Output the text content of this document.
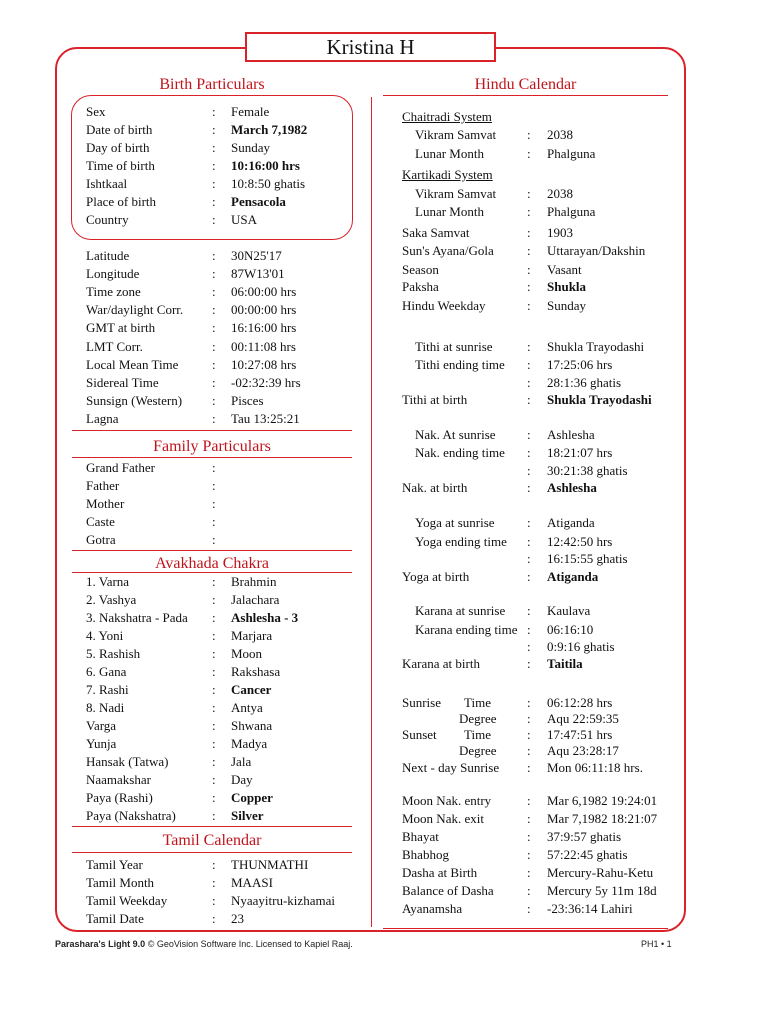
Kristina H
Birth Particulars
Sex	: Female
Date of birth	: March 7,1982
Day of birth	: Sunday
Time of birth	: 10:16:00 hrs
Ishtkaal	: 10:8:50 ghatis
Place of birth	: Pensacola
Country	: USA
Latitude	: 30N25'17
Longitude	: 87W13'01
Time zone	: 06:00:00 hrs
War/daylight Corr. : 00:00:00 hrs
GMT at birth	: 16:16:00 hrs
LMT Corr.	: 00:11:08 hrs
Local Mean Time	: 10:27:08 hrs
Sidereal Time	: -02:32:39 hrs
Sunsign (Western) : Pisces
Lagna	: Tau 13:25:21
Family Particulars
Grand Father	:
Father	:
Mother	:
Caste	:
Gotra	:
Avakhada Chakra
1. Varna	: Brahmin
2. Vashya	: Jalachara
3. Nakshatra - Pada : Ashlesha - 3
4. Yoni	: Marjara
5. Rashish	: Moon
6. Gana	: Rakshasa
7. Rashi	: Cancer
8. Nadi	: Antya
Varga	: Shwana
Yunja	: Madya
Hansak (Tatwa)	: Jala
Naamakshar	: Day
Paya (Rashi)	: Copper
Paya (Nakshatra)	: Silver
Tamil Calendar
Tamil Year	: THUNMATHI
Tamil Month	: MAASI
Tamil Weekday	: Nyaayitru-kizhamai
Tamil Date	: 23
Hindu Calendar
Chaitradi System
Vikram Samvat : 2038
Lunar Month	: Phalguna
Kartikadi System
Vikram Samvat : 2038
Lunar Month	: Phalguna
Saka Samvat	: 1903
Sun's Ayana/Gola	: Uttarayan/Dakshin
Season	: Vasant
Paksha	: Shukla
Hindu Weekday	: Sunday
Tithi at sunrise	: Shukla Trayodashi
Tithi ending time : 17:25:06 hrs
: 28:1:36 ghatis
Tithi at birth	: Shukla Trayodashi
Nak. At sunrise : Ashlesha
Nak. ending time : 18:21:07 hrs
: 30:21:38 ghatis
Nak. at birth	: Ashlesha
Yoga at sunrise : Atiganda
Yoga ending time : 12:42:50 hrs
: 16:15:55 ghatis
Yoga at birth	: Atiganda
Karana at sunrise : Kaulava
Karana ending time : 06:16:10
: 0:9:16 ghatis
Karana at birth	: Taitila
Sunrise Time	: 06:12:28 hrs
Degree : Aqu 22:59:35
Sunset Time	: 17:47:51 hrs
Degree : Aqu 23:28:17
Next - day Sunrise : Mon 06:11:18 hrs.
Moon Nak. entry	: Mar 6,1982 19:24:01
Moon Nak. exit	: Mar 7,1982 18:21:07
Bhayat	: 37:9:57 ghatis
Bhabhog	: 57:22:45 ghatis
Dasha at Birth	: Mercury-Rahu-Ketu
Balance of Dasha	: Mercury 5y 11m 18d
Ayanamsha	: -23:36:14 Lahiri
Parashara's Light 9.0 © GeoVision Software Inc. Licensed to Kapiel Raaj.	PH1 • 1
